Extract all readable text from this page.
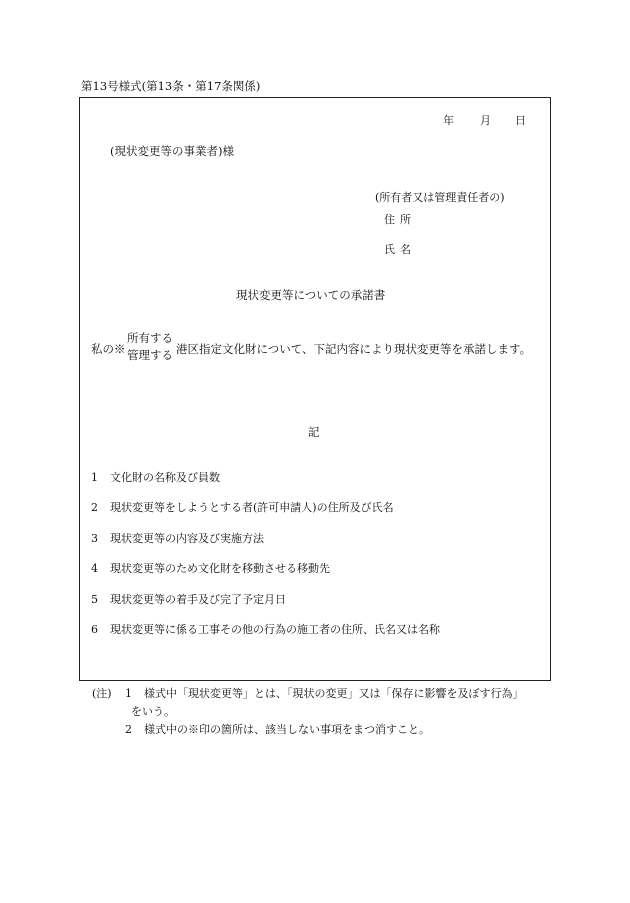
第13号様式(第13条・第17条関係)
年 月 日
(現状変更等の事業者)様
(所有者又は管理責任者の)
住所
氏名
現状変更等についての承諾書
私の※
所有する
管理する 港区指定文化財について、下記内容により現状変更等を承諾します。
記
1 文化財の名称及び員数
2 現状変更等をしようとする者(許可申請人)の住所及び氏名
3 現状変更等の内容及び実施方法
4 現状変更等のため文化財を移動させる移動先
5 現状変更等の着手及び完了予定月日
6 現状変更等に係る工事その他の行為の施工者の住所、氏名又は名称
(注) 1 様式中「現状変更等」とは、「現状の変更」又は「保存に影響を及ぼす行為」
をいう。
2 様式中の※印の箇所は、該当しない事項をまつ消すこと。
